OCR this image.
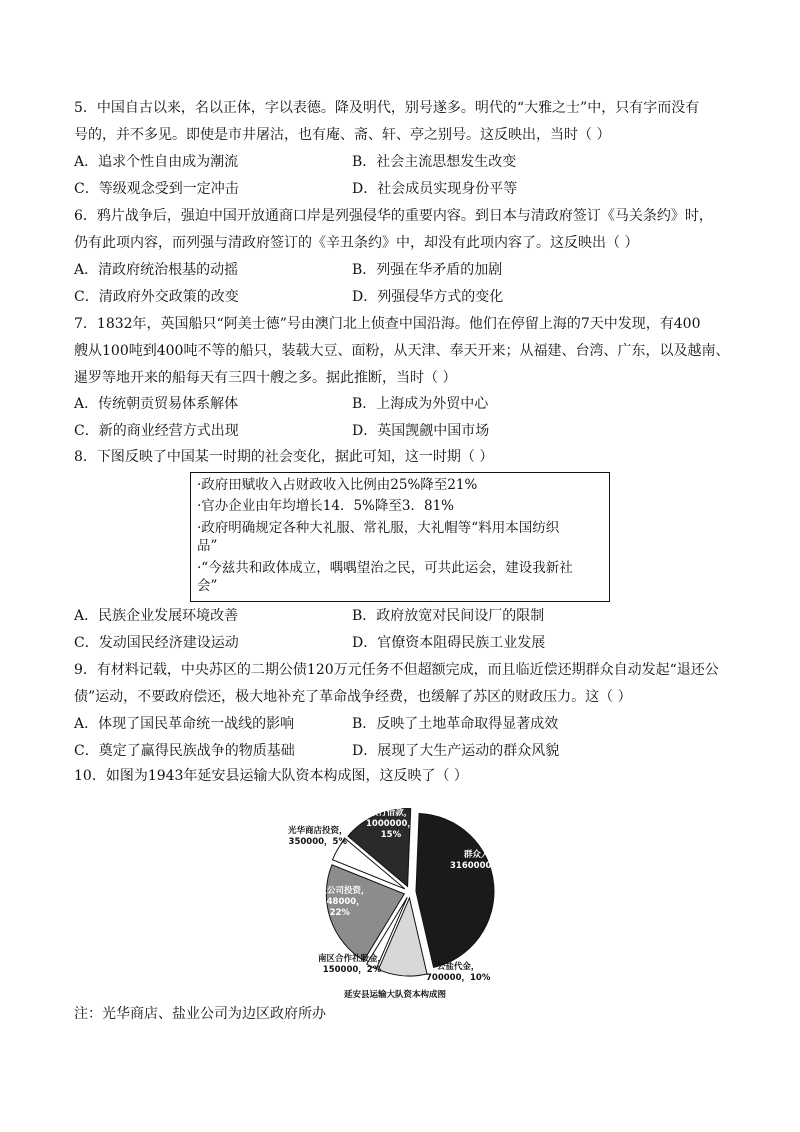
5．中国自古以来，名以正体，字以表德。降及明代，别号遂多。明代的“大雅之士”中，只有字而没有
号的，并不多见。即使是市井屠沽，也有庵、斋、轩、亭之别号。这反映出，当时（ ）
A．追求个性自由成为潮流	B．社会主流思想发生改变
C．等级观念受到一定冲击	D．社会成员实现身份平等
6．鸦片战争后，强迫中国开放通商口岸是列强侵华的重要内容。到日本与清政府签订《马关条约》时，
仍有此项内容，而列强与清政府签订的《辛丑条约》中，却没有此项内容了。这反映出（ ）
A．清政府统治根基的动摇	B．列强在华矛盾的加剧
C．清政府外交政策的改变	D．列强侵华方式的变化
7．1832年，英国船只“阿美士德”号由澳门北上侦查中国沿海。他们在停留上海的7天中发现，有400
艘从100吨到400吨不等的船只，装载大豆、面粉，从天津、奉天开来；从福建、台湾、广东，以及越南、
暹罗等地开来的船每天有三四十艘之多。据此推断，当时（ ）
A．传统朝贡贸易体系解体	B．上海成为外贸中心
C．新的商业经营方式出现	D．英国觊觎中国市场
8．下图反映了中国某一时期的社会变化，据此可知，这一时期（ ）
·政府田赋收入占财政收入比例由25%降至21%
·官办企业由年均增长14．5%降至3．81%
·政府明确规定各种大礼服、常礼服，大礼帽等“料用本国纺织
品”
·“今兹共和政体成立，喁喁望治之民，可共此运会，建设我新社
会”
A．民族企业发展环境改善	B．政府放宽对民间设厂的限制
C．发动国民经济建设运动	D．官僚资本阻碍民族工业发展
9．有材料记载，中央苏区的二期公债120万元任务不但超额完成，而且临近偿还期群众自动发起“退还公
债”运动，不要政府偿还，极大地补充了革命战争经费，也缓解了苏区的财政压力。这（ ）
A．体现了国民革命统一战线的影响	B．反映了土地革命取得显著成效
C．奠定了赢得民族战争的物质基础	D．展现了大生产运动的群众风貌
10．如图为1943年延安县运输大队资本构成图，这反映了（ ）
群众入股，
3160000，46%
公盐代金，
700000，10%
南区合作社股金，
150000，2%
盐业公司投资，
1548000，
22%
光华商店投资，
350000，5%
银行借款，
1000000，
15%
延安县运输大队资本构成图
注：光华商店、盐业公司为边区政府所办
